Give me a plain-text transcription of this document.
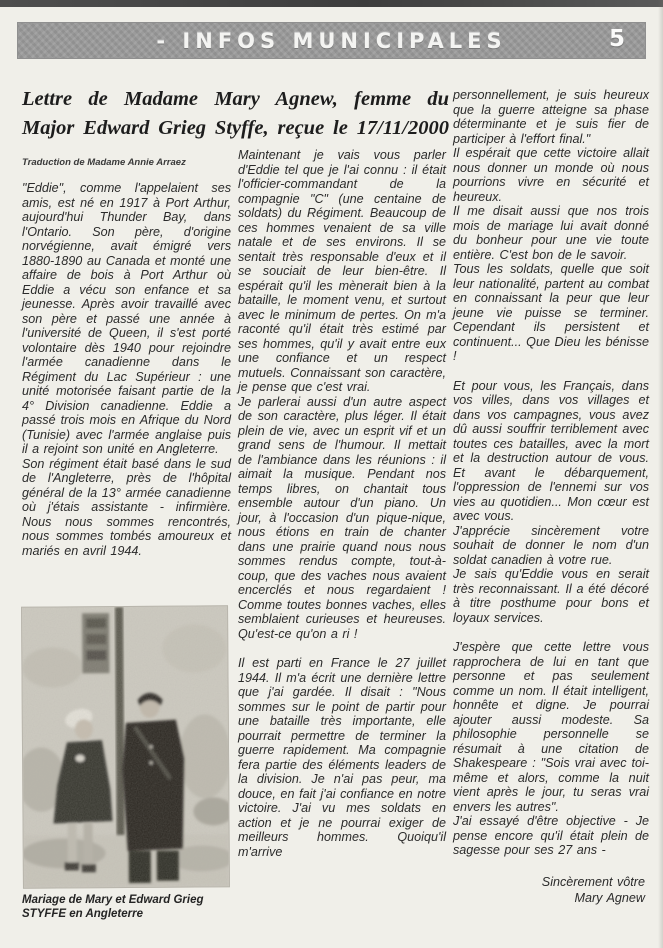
- INFOS MUNICIPALES	5
Lettre de Madame Mary Agnew, femme du
Major Edward Grieg Styffe, reçue le 17/11/2000
Traduction de Madame Annie Arraez

"Eddie", comme l'appelaient ses amis, est né en 1917 à Port Arthur, aujourd'hui Thunder Bay, dans l'Ontario. Son père, d'origine norvégienne, avait émigré vers 1880-1890 au Canada et monté une affaire de bois à Port Arthur où Eddie a vécu son enfance et sa jeunesse. Après avoir travaillé avec son père et passé une année à l'université de Queen, il s'est porté volontaire dès 1940 pour rejoindre l'armée canadienne dans le Régiment du Lac Supérieur : une unité motorisée faisant partie de la 4° Division canadienne. Eddie a passé trois mois en Afrique du Nord (Tunisie) avec l'armée anglaise puis il a rejoint son unité en Angleterre.

Son régiment était basé dans le sud de l'Angleterre, près de l'hôpital général de la 13° armée canadienne où j'étais assistante - infirmière. Nous nous sommes rencontrés, nous sommes tombés amoureux et mariés en avril 1944.

Mariage de Mary et Edward Grieg STYFFE en Angleterre

Maintenant je vais vous parler d'Eddie tel que je l'ai connu : il était l'officier-commandant de la compagnie "C" (une centaine de soldats) du Régiment. Beaucoup de ces hommes venaient de sa ville natale et de ses environs. Il se sentait très responsable d'eux et il se souciait de leur bien-être. Il espérait qu'il les mènerait bien à la bataille, le moment venu, et surtout avec le minimum de pertes. On m'a raconté qu'il était très estimé par ses hommes, qu'il y avait entre eux une confiance et un respect mutuels. Connaissant son caractère, je pense que c'est vrai.

Je parlerai aussi d'un autre aspect de son caractère, plus léger. Il était plein de vie, avec un esprit vif et un grand sens de l'humour. Il mettait de l'ambiance dans les réunions : il aimait la musique. Pendant nos temps libres, on chantait tous ensemble autour d'un piano. Un jour, à l'occasion d'un pique-nique, nous étions en train de chanter dans une prairie quand nous nous sommes rendus compte, tout-à-coup, que des vaches nous avaient encerclés et nous regardaient ! Comme toutes bonnes vaches, elles semblaient curieuses et heureuses. Qu'est-ce qu'on a ri !

Il est parti en France le 27 juillet 1944. Il m'a écrit une dernière lettre que j'ai gardée. Il disait : "Nous sommes sur le point de partir pour une bataille très importante, elle pourrait permettre de terminer la guerre rapidement. Ma compagnie fera partie des éléments leaders de la division. Je n'ai pas peur, ma douce, en fait j'ai confiance en notre victoire. J'ai vu mes soldats en action et je ne pourrai exiger de meilleurs hommes. Quoiqu'il m'arrive

personnellement, je suis heureux que la guerre atteigne sa phase déterminante et je suis fier de participer à l'effort final."

Il espérait que cette victoire allait nous donner un monde où nous pourrions vivre en sécurité et heureux.

Il me disait aussi que nos trois mois de mariage lui avait donné du bonheur pour une vie toute entière. C'est bon de le savoir.

Tous les soldats, quelle que soit leur nationalité, partent au combat en connaissant la peur que leur jeune vie puisse se terminer. Cependant ils persistent et continuent... Que Dieu les bénisse !

Et pour vous, les Français, dans vos villes, dans vos villages et dans vos campagnes, vous avez dû aussi souffrir terriblement avec toutes ces batailles, avec la mort et la destruction autour de vous. Et avant le débarquement, l'oppression de l'ennemi sur vos vies au quotidien... Mon cœur est avec vous.

J'apprécie sincèrement votre souhait de donner le nom d'un soldat canadien à votre rue.

Je sais qu'Eddie vous en serait très reconnaissant. Il a été décoré à titre posthume pour bons et loyaux services.

J'espère que cette lettre vous rapprochera de lui en tant que personne et pas seulement comme un nom. Il était intelligent, honnête et digne. Je pourrai ajouter aussi modeste. Sa philosophie personnelle se résumait à une citation de Shakespeare : "Sois vrai avec toi-même et alors, comme la nuit vient après le jour, tu seras vrai envers les autres".

J'ai essayé d'être objective - Je pense encore qu'il était plein de sagesse pour ses 27 ans -

Sincèrement vôtre
Mary Agnew
